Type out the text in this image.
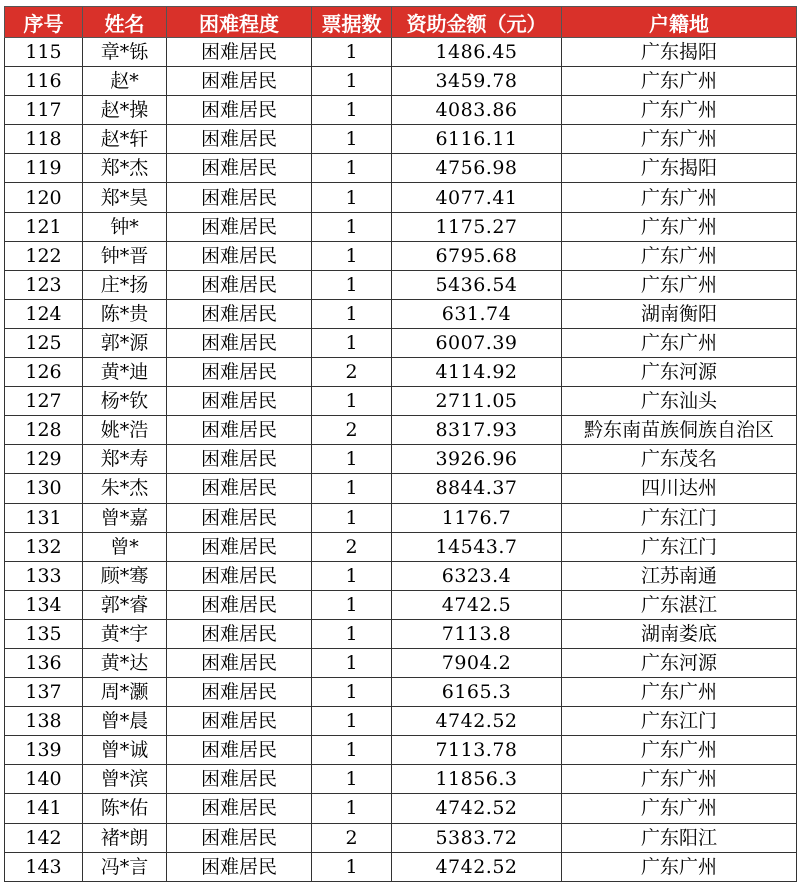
序号	姓名	困难程度	票据数	资助金额（元）	户籍地
115	章*铄	困难居民	1	1486.45	广东揭阳
116	赵*	困难居民	1	3459.78	广东广州
117	赵*操	困难居民	1	4083.86	广东广州
118	赵*轩	困难居民	1	6116.11	广东广州
119	郑*杰	困难居民	1	4756.98	广东揭阳
120	郑*昊	困难居民	1	4077.41	广东广州
121	钟*	困难居民	1	1175.27	广东广州
122	钟*晋	困难居民	1	6795.68	广东广州
123	庄*扬	困难居民	1	5436.54	广东广州
124	陈*贵	困难居民	1	631.74	湖南衡阳
125	郭*源	困难居民	1	6007.39	广东广州
126	黄*迪	困难居民	2	4114.92	广东河源
127	杨*钦	困难居民	1	2711.05	广东汕头
128	姚*浩	困难居民	2	8317.93	黔东南苗族侗族自治区
129	郑*寿	困难居民	1	3926.96	广东茂名
130	朱*杰	困难居民	1	8844.37	四川达州
131	曾*嘉	困难居民	1	1176.7	广东江门
132	曾*	困难居民	2	14543.7	广东江门
133	顾*骞	困难居民	1	6323.4	江苏南通
134	郭*睿	困难居民	1	4742.5	广东湛江
135	黄*宇	困难居民	1	7113.8	湖南娄底
136	黄*达	困难居民	1	7904.2	广东河源
137	周*灏	困难居民	1	6165.3	广东广州
138	曾*晨	困难居民	1	4742.52	广东江门
139	曾*诚	困难居民	1	7113.78	广东广州
140	曾*滨	困难居民	1	11856.3	广东广州
141	陈*佑	困难居民	1	4742.52	广东广州
142	褚*朗	困难居民	2	5383.72	广东阳江
143	冯*言	困难居民	1	4742.52	广东广州
